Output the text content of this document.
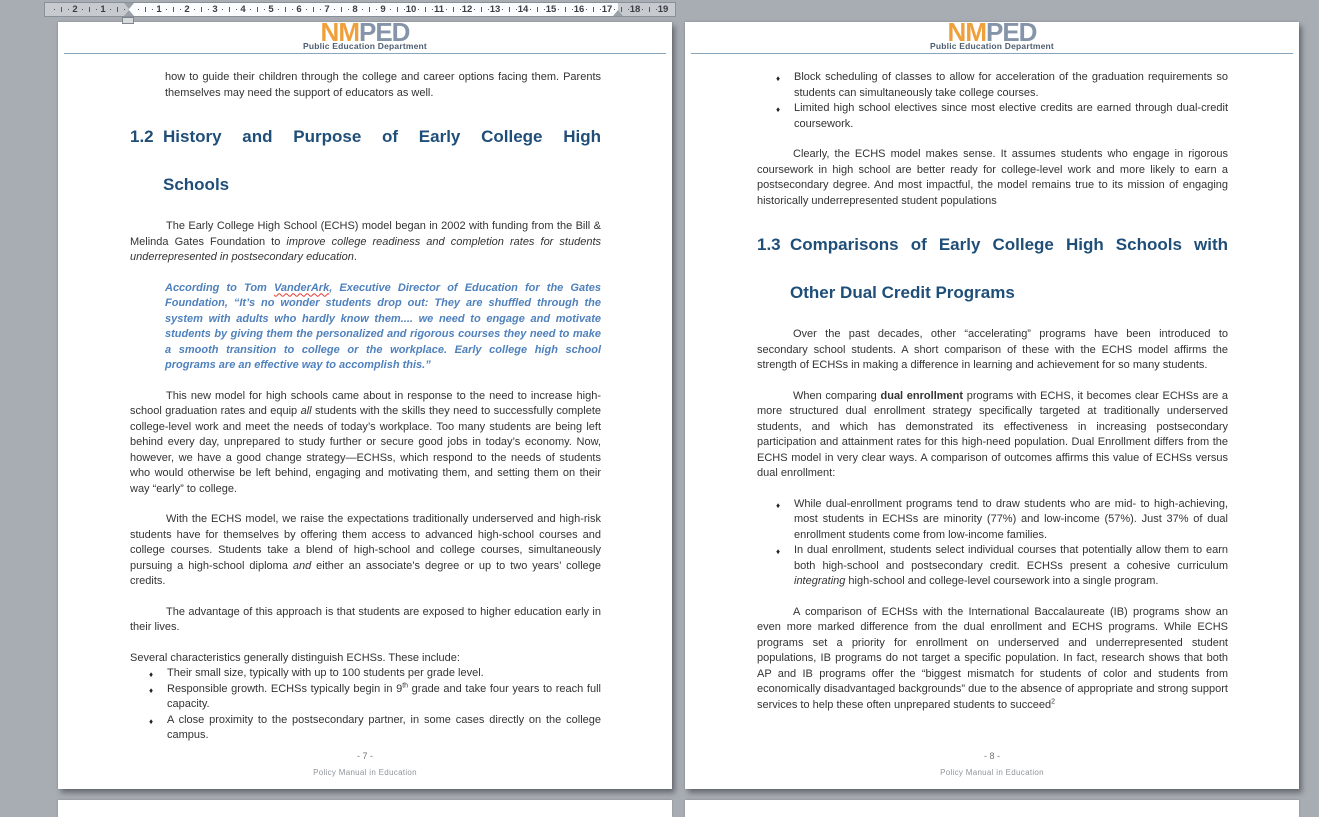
2 1	1 2 3 4 5 6 7 8 9 10 11 12 13 14 15 16 17 18 19
NMPED
Public Education Department
how to guide their children through the college and career options facing them. Parents themselves may need the support of educators as well.
1.2 History and Purpose of Early College High
Schools
The Early College High School (ECHS) model began in 2002 with funding from the Bill & Melinda Gates Foundation to improve college readiness and completion rates for students underrepresented in postsecondary education.
According to Tom VanderArk, Executive Director of Education for the Gates Foundation, “It’s no wonder students drop out: They are shuffled through the system with adults who hardly know them.... we need to engage and motivate students by giving them the personalized and rigorous courses they need to make a smooth transition to college or the workplace. Early college high school programs are an effective way to accomplish this.”
This new model for high schools came about in response to the need to increase high-school graduation rates and equip all students with the skills they need to successfully complete college-level work and meet the needs of today’s workplace. Too many students are being left behind every day, unprepared to study further or secure good jobs in today’s economy. Now, however, we have a good change strategy—ECHSs, which respond to the needs of students who would otherwise be left behind, engaging and motivating them, and setting them on their way “early” to college.
With the ECHS model, we raise the expectations traditionally underserved and high-risk students have for themselves by offering them access to advanced high-school courses and college courses. Students take a blend of high-school and college courses, simultaneously pursuing a high-school diploma and either an associate’s degree or up to two years’ college credits.
The advantage of this approach is that students are exposed to higher education early in their lives.
Several characteristics generally distinguish ECHSs. These include:
♦ Their small size, typically with up to 100 students per grade level.
♦ Responsible growth. ECHSs typically begin in 9th grade and take four years to reach full capacity.
♦ A close proximity to the postsecondary partner, in some cases directly on the college campus.
- 7 -
Policy Manual in Education
NMPED
Public Education Department
♦ Block scheduling of classes to allow for acceleration of the graduation requirements so students can simultaneously take college courses.
♦ Limited high school electives since most elective credits are earned through dual-credit coursework.
Clearly, the ECHS model makes sense. It assumes students who engage in rigorous coursework in high school are better ready for college-level work and more likely to earn a postsecondary degree. And most impactful, the model remains true to its mission of engaging historically underrepresented student populations
1.3 Comparisons of Early College High Schools with
Other Dual Credit Programs
Over the past decades, other “accelerating” programs have been introduced to secondary school students. A short comparison of these with the ECHS model affirms the strength of ECHSs in making a difference in learning and achievement for so many students.
When comparing dual enrollment programs with ECHS, it becomes clear ECHSs are a more structured dual enrollment strategy specifically targeted at traditionally underserved students, and which has demonstrated its effectiveness in increasing postsecondary participation and attainment rates for this high-need population. Dual Enrollment differs from the ECHS model in very clear ways. A comparison of outcomes affirms this value of ECHSs versus dual enrollment:
♦ While dual-enrollment programs tend to draw students who are mid- to high-achieving, most students in ECHSs are minority (77%) and low-income (57%). Just 37% of dual enrollment students come from low-income families.
♦ In dual enrollment, students select individual courses that potentially allow them to earn both high-school and postsecondary credit. ECHSs present a cohesive curriculum integrating high-school and college-level coursework into a single program.
A comparison of ECHSs with the International Baccalaureate (IB) programs show an even more marked difference from the dual enrollment and ECHS programs. While ECHS programs set a priority for enrollment on underserved and underrepresented student populations, IB programs do not target a specific population. In fact, research shows that both AP and IB programs offer the “biggest mismatch for students of color and students from economically disadvantaged backgrounds” due to the absence of appropriate and strong support services to help these often unprepared students to succeed$^2$
- 8 -
Policy Manual in Education
